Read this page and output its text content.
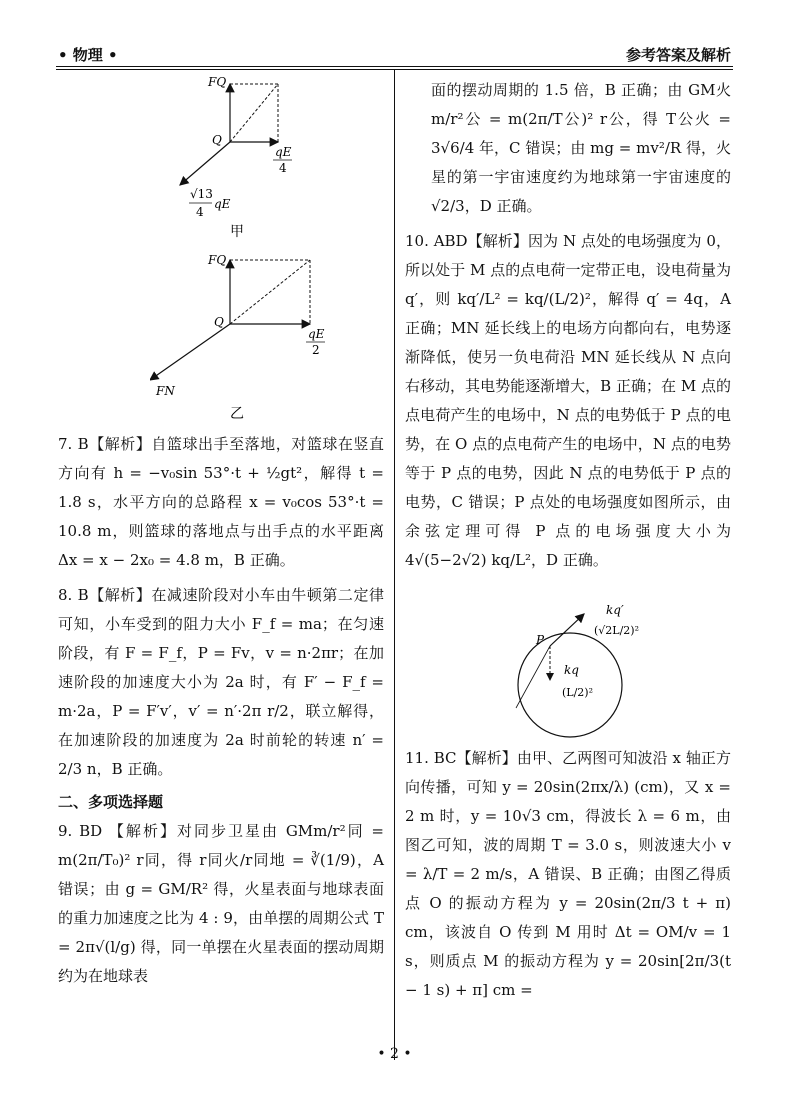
• 物理 •	参考答案及解析
FQ
Q
qE
4
√13
4
qE
甲
FQ
Q
qE
2
FN
乙

7. B【解析】自篮球出手至落地，对篮球在竖直方向有 h = −v₀sin 53°·t + ½gt²，解得 t = 1.8 s，水平方向的总路程 x = v₀cos 53°·t = 10.8 m，则篮球的落地点与出手点的水平距离 Δx = x − 2x₀ = 4.8 m，B 正确。

8. B【解析】在减速阶段对小车由牛顿第二定律可知，小车受到的阻力大小 F_f = ma；在匀速阶段，有 F = F_f，P = Fv，v = n·2πr；在加速阶段的加速度大小为 2a 时，有 F′ − F_f = m·2a，P = F′v′，v′ = n′·2π r/2，联立解得，在加速阶段的加速度为 2a 时前轮的转速 n′ = 2/3 n，B 正确。

二、多项选择题

9. BD 【解析】对同步卫星由 GMm/r²同 = m(2π/T₀)² r同，得 r同火/r同地 = ∛(1/9)，A 错误；由 g = GM/R² 得，火星表面与地球表面的重力加速度之比为 4 : 9，由单摆的周期公式 T = 2π√(l/g) 得，同一单摆在火星表面的摆动周期约为在地球表

面的摆动周期的 1.5 倍，B 正确；由 GM火m/r²公 = m(2π/T公)² r公，得 T公火 = 3√6/4 年，C 错误；由 mg = mv²/R 得，火星的第一宇宙速度约为地球第一宇宙速度的 √2/3，D 正确。

10. ABD【解析】因为 N 点处的电场强度为 0，所以处于 M 点的点电荷一定带正电，设电荷量为 q′，则 kq′/L² = kq/(L/2)²，解得 q′ = 4q，A 正确；MN 延长线上的电场方向都向右，电势逐渐降低，使另一负电荷沿 MN 延长线从 N 点向右移动，其电势能逐渐增大，B 正确；在 M 点的点电荷产生的电场中，N 点的电势低于 P 点的电势，在 O 点的点电荷产生的电场中，N 点的电势等于 P 点的电势，因此 N 点的电势低于 P 点的电势，C 错误；P 点处的电场强度如图所示，由余弦定理可得 P 点的电场强度大小为 4√(5−2√2) kq/L²，D 正确。

P
kq′
(√2L/2)²
kq
(L/2)²

11. BC【解析】由甲、乙两图可知波沿 x 轴正方向传播，可知 y = 20sin(2πx/λ) (cm)，又 x = 2 m 时，y = 10√3 cm，得波长 λ = 6 m，由图乙可知，波的周期 T = 3.0 s，则波速大小 v = λ/T = 2 m/s，A 错误、B 正确；由图乙得质点 O 的振动方程为 y = 20sin(2π/3 t + π) cm，该波自 O 传到 M 用时 Δt = OM/v = 1 s，则质点 M 的振动方程为 y = 20sin[2π/3(t − 1 s) + π] cm =

• 2 •
